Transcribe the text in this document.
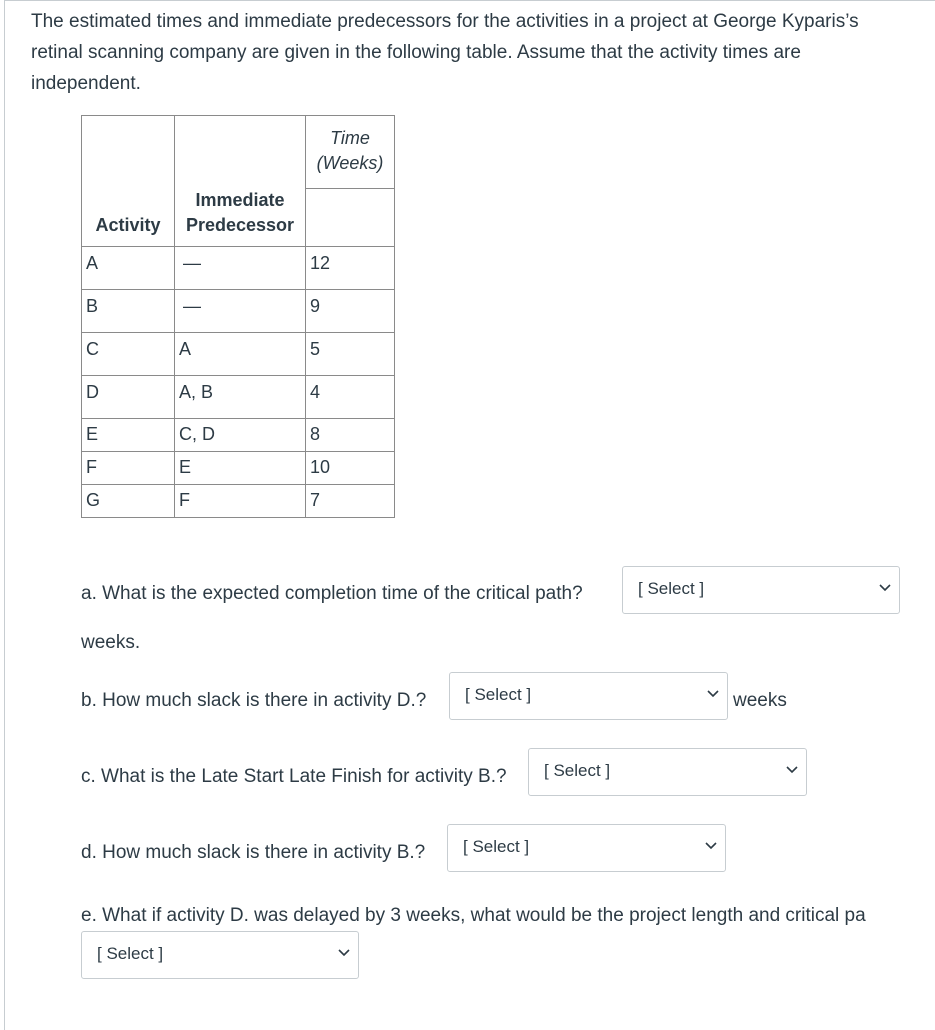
The estimated times and immediate predecessors for the activities in a project at George Kyparis’s retinal scanning company are given in the following table. Assume that the activity times are independent.

		Time
(Weeks)

Activity	Immediate
Predecessor	

A	—	12

B	—	9

C	A	5

D	A, B	4

E	C, D	8

F	E	10

G	F	7
a. What is the expected completion time of the critical path?	[ Select ]
weeks.
b. How much slack is there in activity D.? [ Select ]	weeks
c. What is the Late Start Late Finish for activity B.? [ Select ]
d. How much slack is there in activity B.? [ Select ]
e. What if activity D. was delayed by 3 weeks, what would be the project length and critical pa
[ Select ]
